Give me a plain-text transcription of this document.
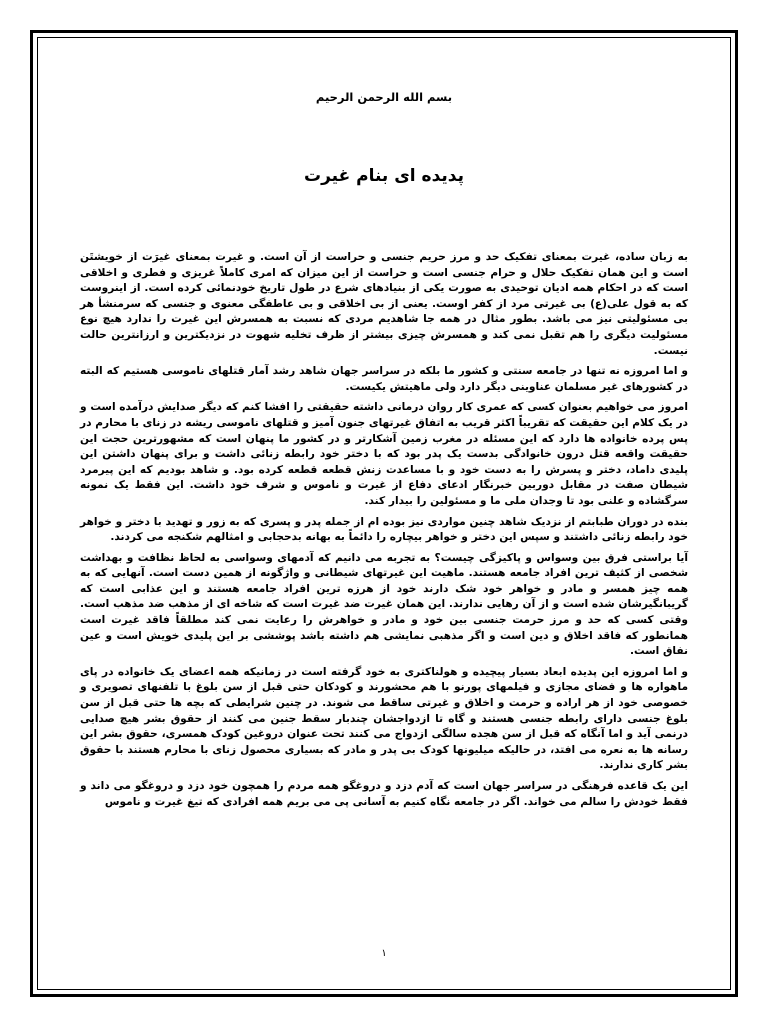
بسم الله الرحمن الرحيم
پدیده ای بنام غیرت

به زبان ساده، غیرت بمعنای تفکیک حد و مرز حریم جنسی و حراست از آن است. و غیرت بمعنای غیرَت از خویشتَن است و این همان تفکیک حلال و حرام جنسی است و حراست از این میزان که امری کاملاً غریزی و فطری و اخلاقی است که در احکام همه ادیان توحیدی به صورت یکی از بنیادهای شرع در طول تاریخ خودنمائی کرده است. از اینروست که به قول علی(ع) بی غیرتی مرد از کفر اوست. یعنی از بی اخلاقی و بی عاطفگی معنوی و جنسی که سرمنشأ هر بی مسئولیتی نیز می باشد. بطور مثال در همه جا شاهدیم مردی که نسبت به همسرش این غیرت را ندارد هیچ نوع مسئولیت دیگری را هم تقبل نمی کند و همسرش چیزی بیشتر از ظرف تخلیه شهوت در نزدیکترین و ارزانترین حالت نیست.

و اما امروزه نه تنها در جامعه سنتی و کشور ما بلکه در سراسر جهان شاهد رشد آمار قتلهای ناموسی هستیم که البته در کشورهای غیر مسلمان عناوینی دیگر دارد ولی ماهیتش یکیست.

امروز می خواهیم بعنوان کسی که عمری کار روان درمانی داشته حقیقتی را افشا کنم که دیگر صدایش درآمده است و در یک کلام این حقیقت که تقریباً اکثر قریب به اتفاق غیرتهای جنون آمیز و قتلهای ناموسی ریشه در زنای با محارم در پس پرده خانواده ها دارد که این مسئله در مغرب زمین آشکارتر و در کشور ما پنهان است که مشهورترین حجت این حقیقت واقعه قتل درون خانوادگی بدست یک پدر بود که با دختر خود رابطه زنائی داشت و برای پنهان داشتن این پلیدی داماد، دختر و پسرش را به دست خود و با مساعدت زنش قطعه قطعه کرده بود. و شاهد بودیم که این پیرمرد شیطان صفت در مقابل دوربین خبرنگار ادعای دفاع از غیرت و ناموس و شرف خود داشت. این فقط یک نمونه سرگشاده و علنی بود تا وجدان ملی ما و مسئولین را بیدار کند.

بنده در دوران طبابتم از نزدیک شاهد چنین مواردی نیز بوده ام از جمله پدر و پسری که به زور و تهدید با دختر و خواهر خود رابطه زنائی داشتند و سپس این دختر و خواهر بیچاره را دائماً به بهانه بدحجابی و امثالهم شکنجه می کردند.

آیا براستی فرق بین وسواس و پاکیزگی چیست؟ به تجربه می دانیم که آدمهای وسواسی به لحاظ نظافت و بهداشت شخصی از کثیف ترین افراد جامعه هستند. ماهیت این غیرتهای شیطانی و واژگونه از همین دست است. آنهایی که به همه چیز همسر و مادر و خواهر خود شک دارند خود از هرزه ترین افراد جامعه هستند و این عذابی است که گریبانگیرشان شده است و از آن رهایی ندارند. این همان غیرت ضد غیرت است که شاخه ای از مذهب ضد مذهب است. وقتی کسی که حد و مرز حرمت جنسی بین خود و مادر و خواهرش را رعایت نمی کند مطلقاً فاقد غیرت است همانطور که فاقد اخلاق و دین است و اگر مذهبی نمایشی هم داشته باشد پوششی بر این پلیدی خویش است و عین نفاق است.

و اما امروزه این پدیده ابعاد بسیار پیچیده و هولناکتری به خود گرفته است در زمانیکه همه اعضای یک خانواده در پای ماهواره ها و فضای مجازی و فیلمهای پورنو با هم محشورند و کودکان حتی قبل از سن بلوغ با تلفنهای تصویری و خصوصی خود از هر اراده و حرمت و اخلاق و غیرتی ساقط می شوند. در چنین شرایطی که بچه ها حتی قبل از سن بلوغ جنسی دارای رابطه جنسی هستند و گاه تا ازدواجشان چندبار سقط جنین می کنند از حقوق بشر هیچ صدایی درنمی آید و اما آنگاه که قبل از سن هجده سالگی ازدواج می کنند تحت عنوان دروغین کودک همسری، حقوق بشر این رسانه ها به نعره می افتد، در حالیکه میلیونها کودک بی پدر و مادر که بسیاری محصول زنای با محارم هستند با حقوق بشر کاری ندارند.

این یک قاعده فرهنگی در سراسر جهان است که آدم دزد و دروغگو همه مردم را همچون خود دزد و دروغگو می داند و فقط خودش را سالم می خواند. اگر در جامعه نگاه کنیم به آسانی پی می بریم همه افرادی که تیغ غیرت و ناموس

۱
